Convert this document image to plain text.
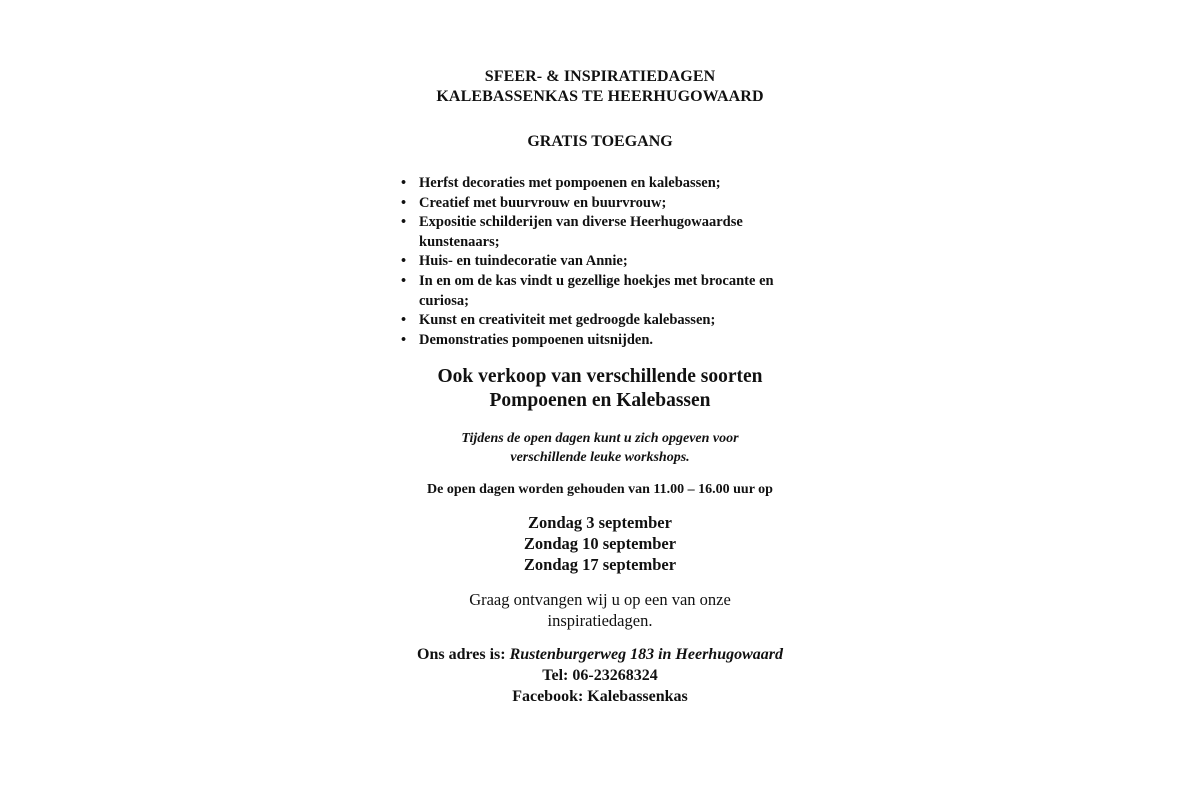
SFEER- & INSPIRATIEDAGEN
KALEBASSENKAS TE HEERHUGOWAARD
GRATIS TOEGANG
• Herfst decoraties met pompoenen en kalebassen;
• Creatief met buurvrouw en buurvrouw;
• Expositie schilderijen van diverse Heerhugowaardse
kunstenaars;
• Huis- en tuindecoratie van Annie;
• In en om de kas vindt u gezellige hoekjes met brocante en
curiosa;
• Kunst en creativiteit met gedroogde kalebassen;
• Demonstraties pompoenen uitsnijden.
Ook verkoop van verschillende soorten
Pompoenen en Kalebassen
Tijdens de open dagen kunt u zich opgeven voor
verschillende leuke workshops.
De open dagen worden gehouden van 11.00 – 16.00 uur op
Zondag 3 september
Zondag 10 september
Zondag 17 september
Graag ontvangen wij u op een van onze
inspiratiedagen.
Ons adres is: Rustenburgerweg 183 in Heerhugowaard
Tel: 06-23268324
Facebook: Kalebassenkas
